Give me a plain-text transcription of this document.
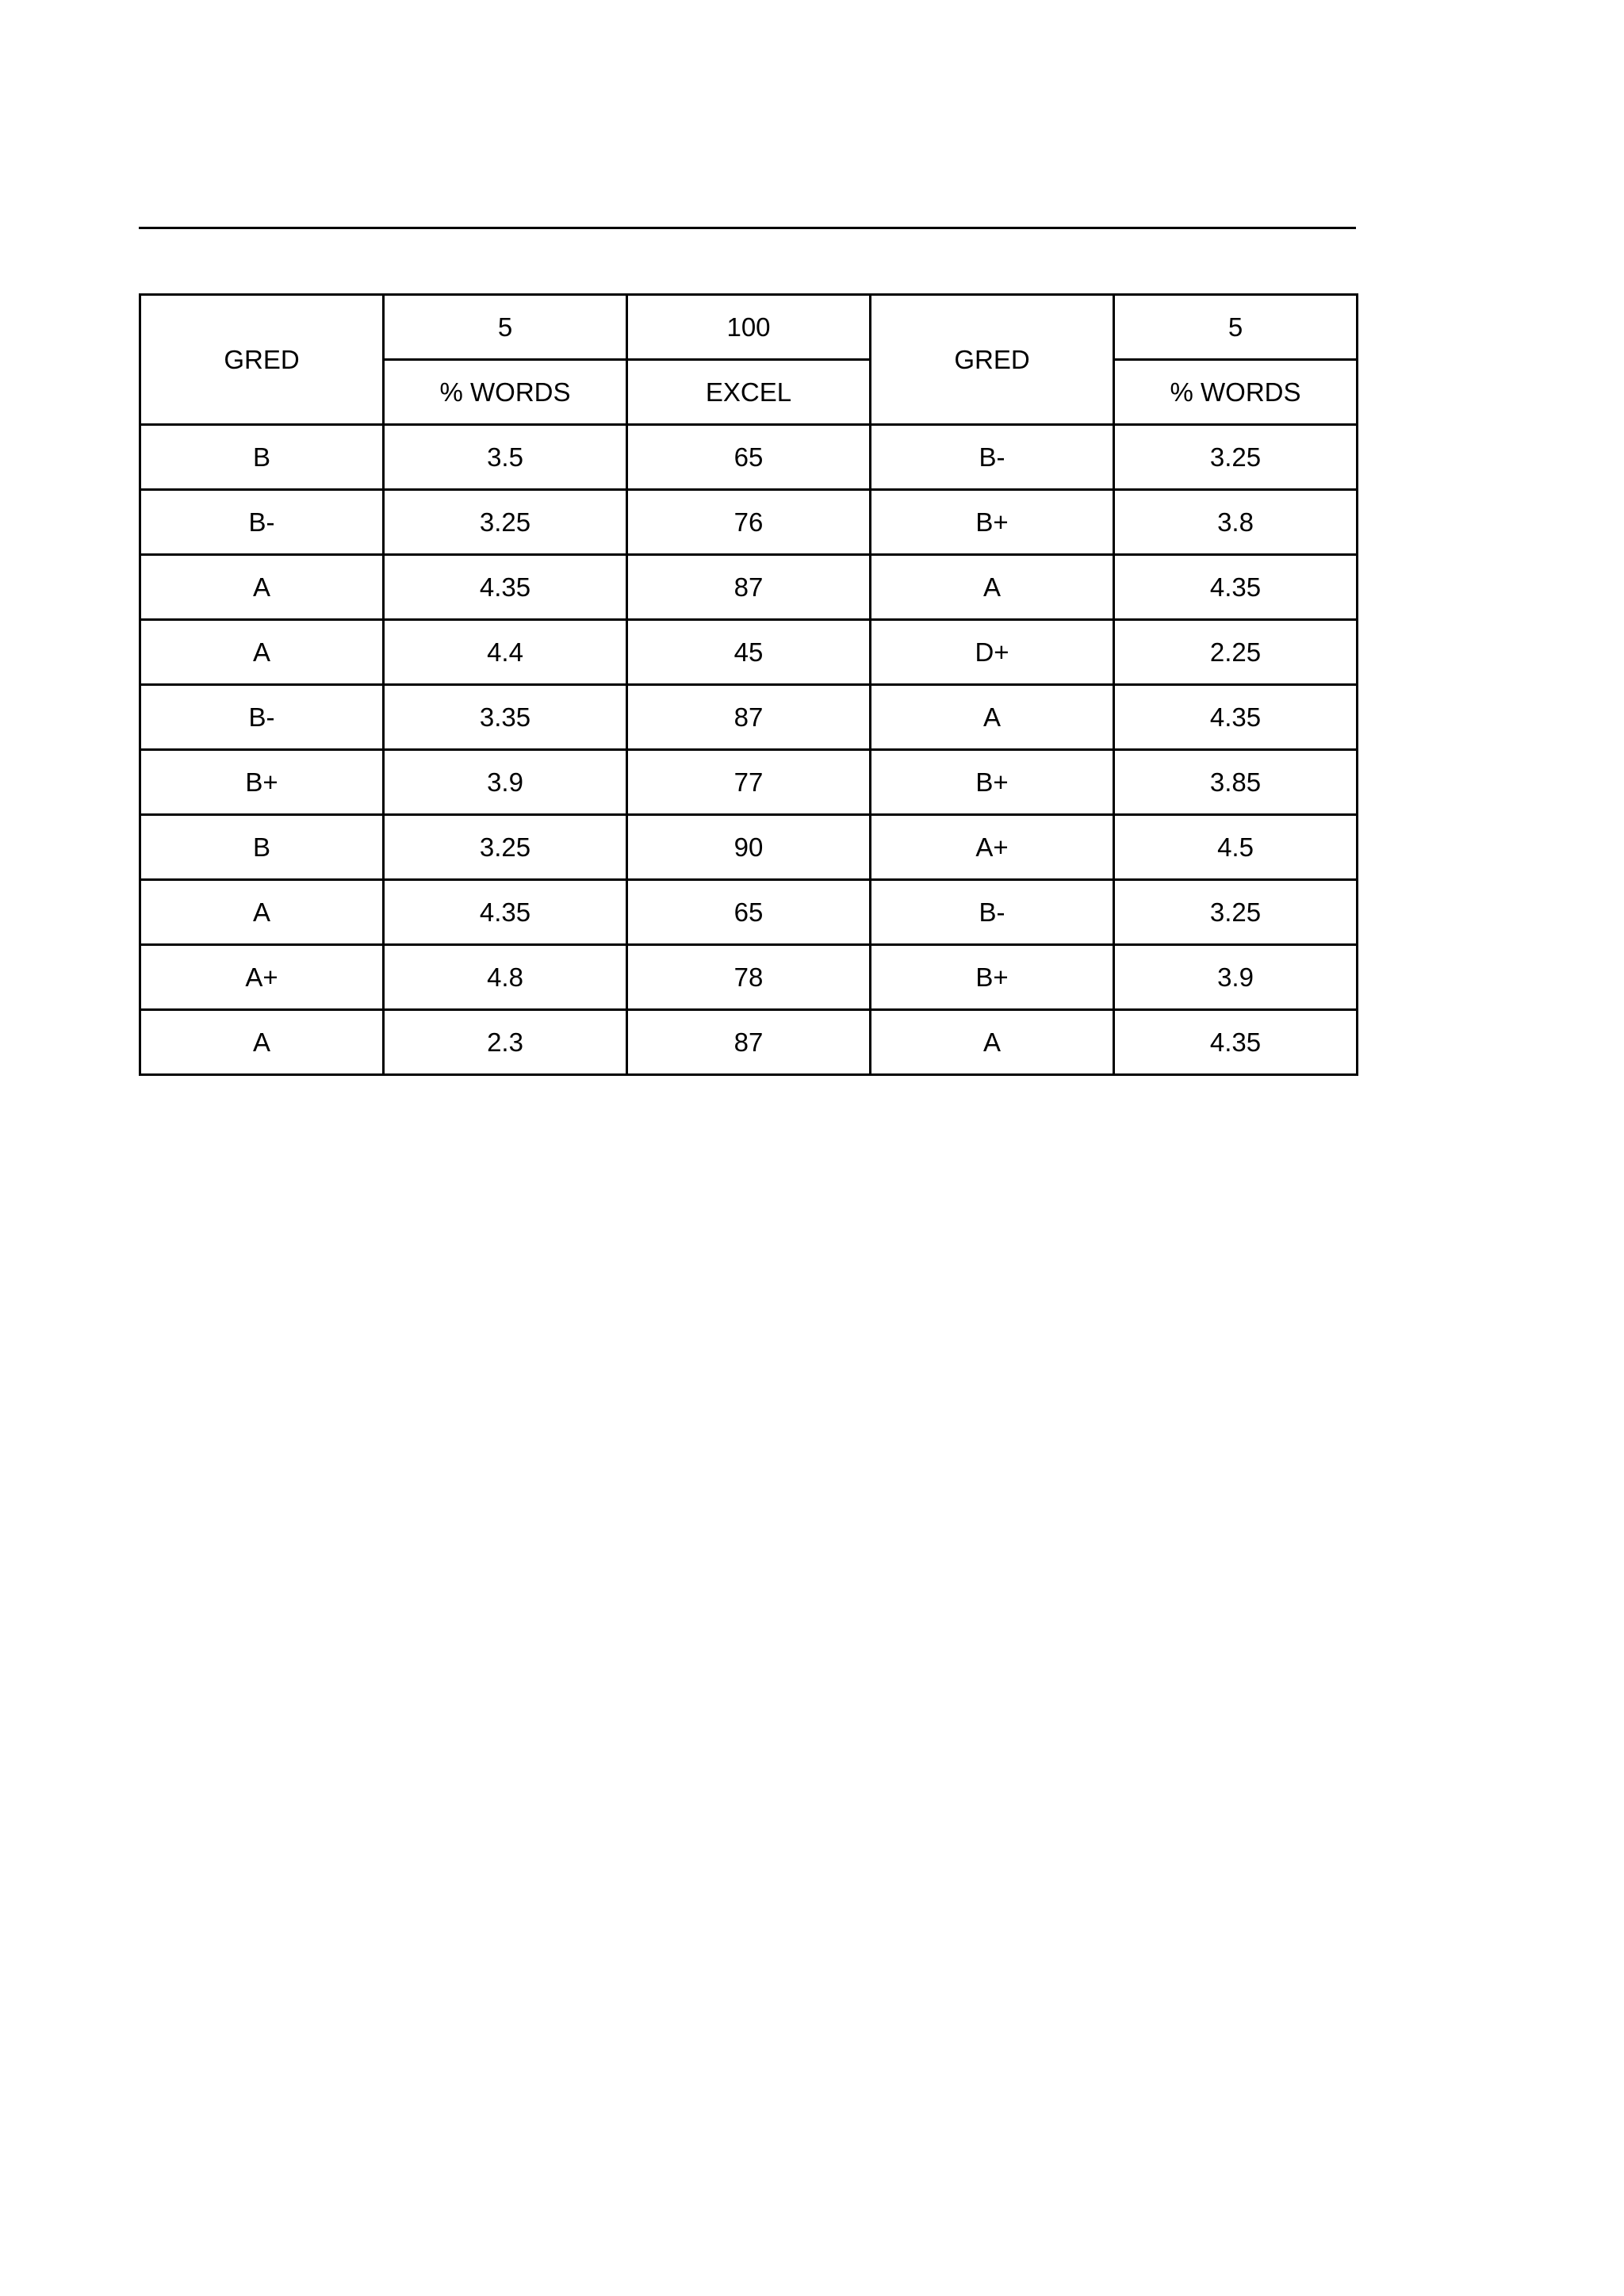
GRED	5	100	GRED	5
	% WORDS	EXCEL		% WORDS
B	3.5	65	B-	3.25
B-	3.25	76	B+	3.8
A	4.35	87	A	4.35
A	4.4	45	D+	2.25
B-	3.35	87	A	4.35
B+	3.9	77	B+	3.85
B	3.25	90	A+	4.5
A	4.35	65	B-	3.25
A+	4.8	78	B+	3.9
A	2.3	87	A	4.35
